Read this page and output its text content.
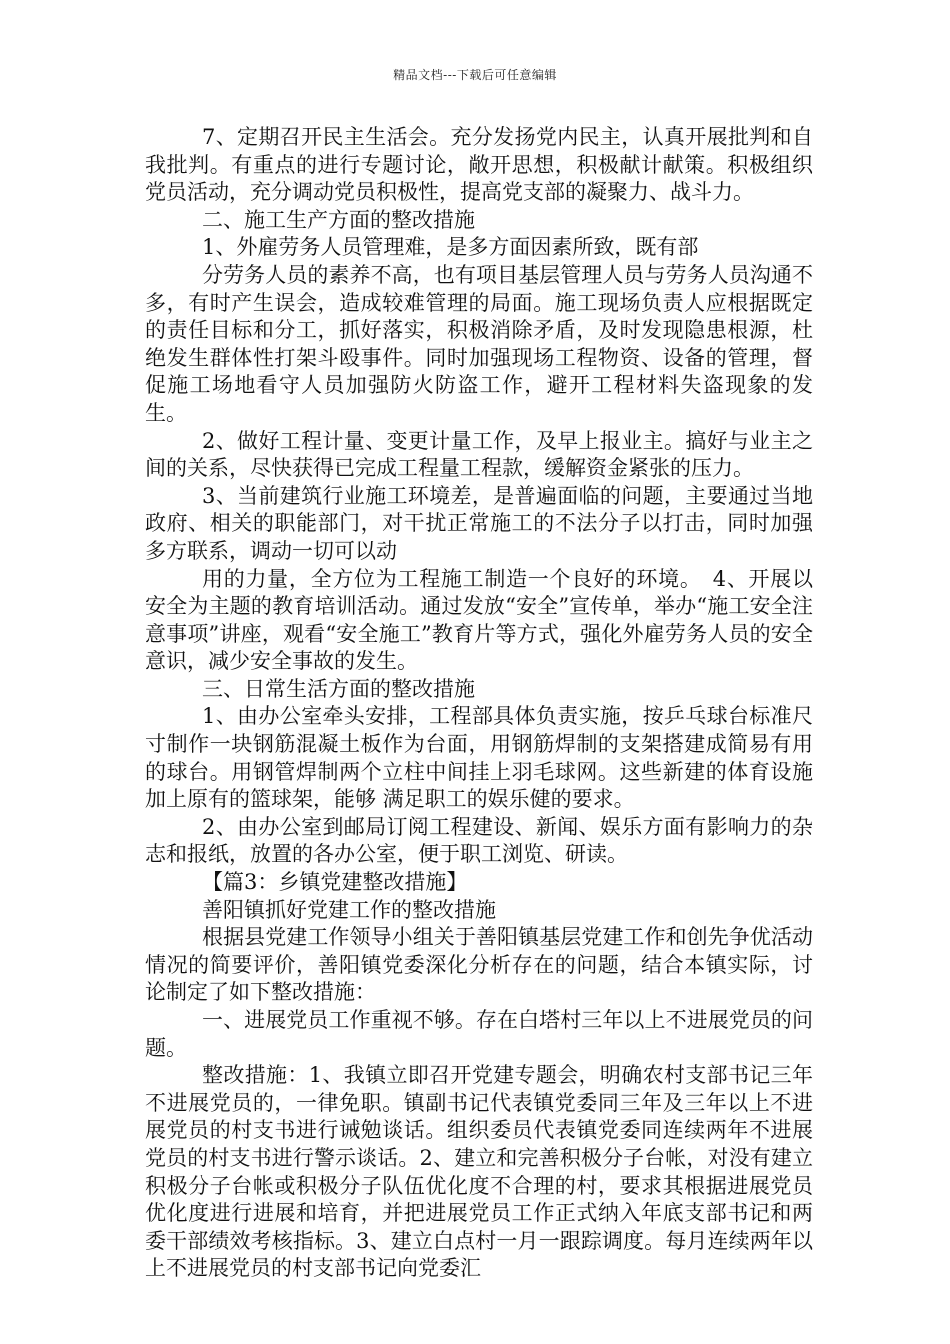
精品文档---下载后可任意编辑

7、定期召开民主生活会。充分发扬党内民主，认真开展批判和自我批判。有重点的进行专题讨论，敞开思想，积极献计献策。积极组织党员活动，充分调动党员积极性，提高党支部的凝聚力、战斗力。

二、施工生产方面的整改措施

1、外雇劳务人员管理难，是多方面因素所致，既有部

分劳务人员的素养不高，也有项目基层管理人员与劳务人员沟通不多，有时产生误会，造成较难管理的局面。施工现场负责人应根据既定的责任目标和分工，抓好落实，积极消除矛盾，及时发现隐患根源，杜绝发生群体性打架斗殴事件。同时加强现场工程物资、设备的管理，督促施工场地看守人员加强防火防盗工作，避开工程材料失盗现象的发生。

2、做好工程计量、变更计量工作，及早上报业主。搞好与业主之间的关系，尽快获得已完成工程量工程款，缓解资金紧张的压力。

3、当前建筑行业施工环境差，是普遍面临的问题，主要通过当地政府、相关的职能部门，对干扰正常施工的不法分子以打击，同时加强多方联系，调动一切可以动

用的力量，全方位为工程施工制造一个良好的环境。　4、开展以安全为主题的教育培训活动。通过发放“安全”宣传单，举办“施工安全注意事项”讲座，观看“安全施工”教育片等方式，强化外雇劳务人员的安全意识，减少安全事故的发生。

三、日常生活方面的整改措施

1、由办公室牵头安排，工程部具体负责实施，按乒乓球台标准尺寸制作一块钢筋混凝土板作为台面，用钢筋焊制的支架搭建成简易有用的球台。用钢管焊制两个立柱中间挂上羽毛球网。这些新建的体育设施加上原有的篮球架，能够 满足职工的娱乐健的要求。

2、由办公室到邮局订阅工程建设、新闻、娱乐方面有影响力的杂志和报纸，放置的各办公室，便于职工浏览、研读。

【篇3：乡镇党建整改措施】

善阳镇抓好党建工作的整改措施

根据县党建工作领导小组关于善阳镇基层党建工作和创先争优活动情况的简要评价，善阳镇党委深化分析存在的问题，结合本镇实际，讨论制定了如下整改措施：

一、进展党员工作重视不够。存在白塔村三年以上不进展党员的问题。

整改措施：1、我镇立即召开党建专题会，明确农村支部书记三年不进展党员的，一律免职。镇副书记代表镇党委同三年及三年以上不进展党员的村支书进行诫勉谈话。组织委员代表镇党委同连续两年不进展党员的村支书进行警示谈话。2、建立和完善积极分子台帐，对没有建立积极分子台帐或积极分子队伍优化度不合理的村，要求其根据进展党员优化度进行进展和培育，并把进展党员工作正式纳入年底支部书记和两委干部绩效考核指标。3、建立白点村一月一跟踪调度。每月连续两年以上不进展党员的村支部书记向党委汇
